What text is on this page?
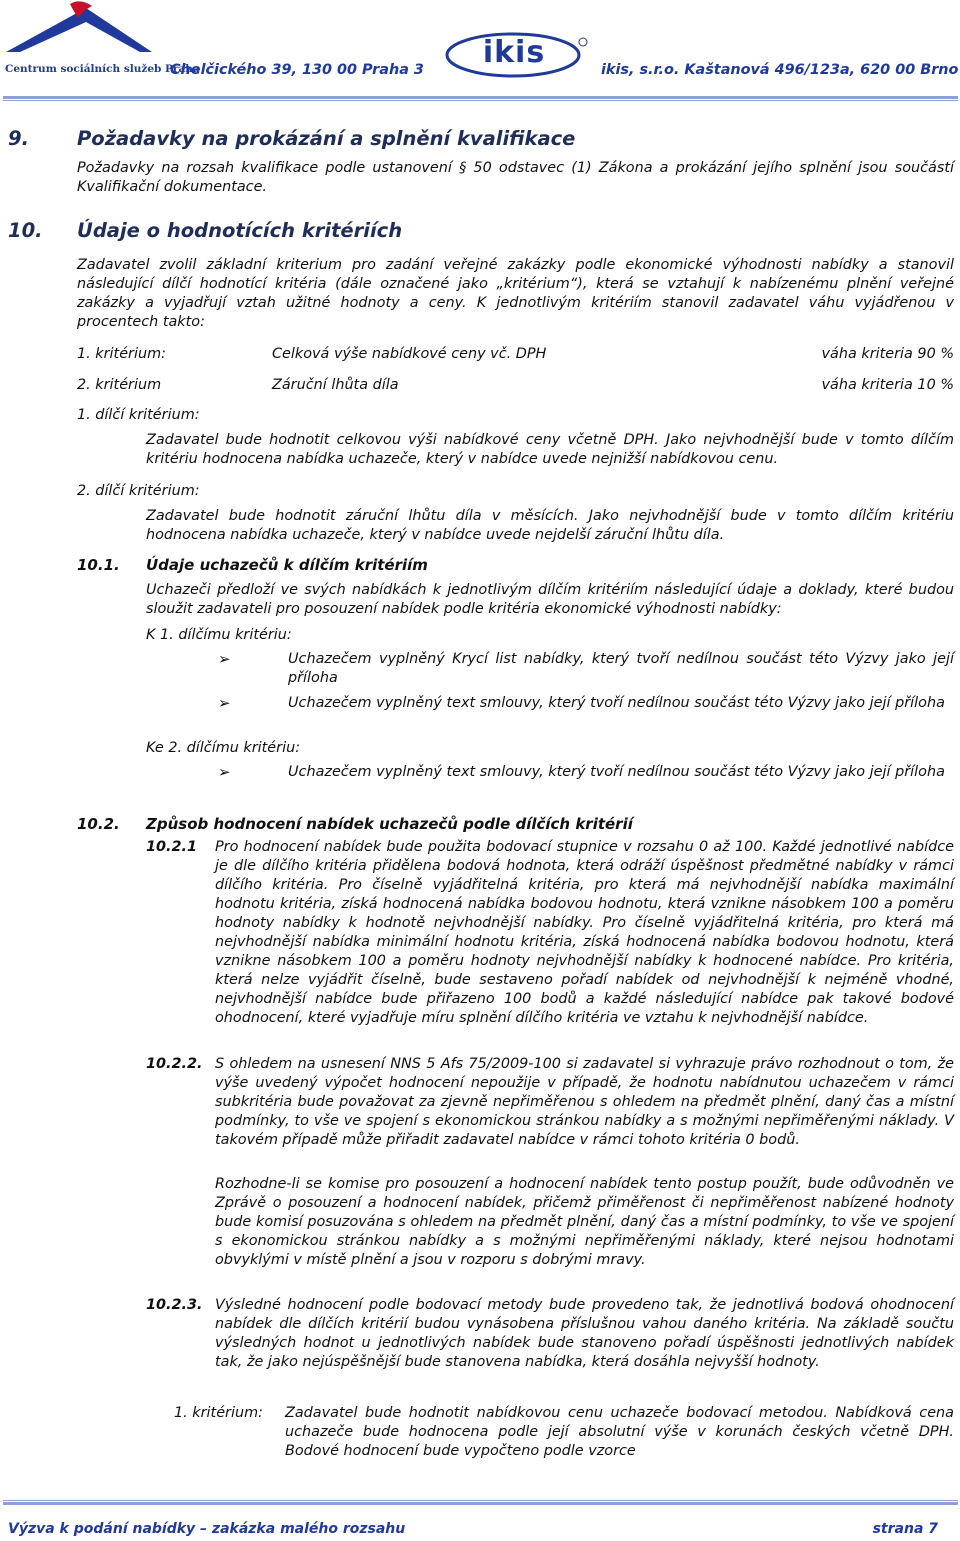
Centrum sociálních služeb Praha
Chelčického 39, 130 00 Praha 3	ikis	ikis, s.r.o. Kaštanová 496/123a, 620 00 Brno
9. Požadavky na prokázání a splnění kvalifikace
Požadavky na rozsah kvalifikace podle ustanovení § 50 odstavec (1) Zákona a prokázání jejího splnění jsou součástí Kvalifikační dokumentace.
10. Údaje o hodnotících kritériích
Zadavatel zvolil základní kriterium pro zadání veřejné zakázky podle ekonomické výhodnosti nabídky a stanovil následující dílčí hodnotící kritéria (dále označené jako „kritérium“), která se vztahují k nabízenému plnění veřejné zakázky a vyjadřují vztah užitné hodnoty a ceny. K jednotlivým kritériím stanovil zadavatel váhu vyjádřenou v procentech takto:
1. kritérium:	Celková výše nabídkové ceny vč. DPH	váha kriteria 90 %
2. kritérium	Záruční lhůta díla	váha kriteria 10 %
1. dílčí kritérium:
Zadavatel bude hodnotit celkovou výši nabídkové ceny včetně DPH. Jako nejvhodnější bude v tomto dílčím kritériu hodnocena nabídka uchazeče, který v nabídce uvede nejnižší nabídkovou cenu.
2. dílčí kritérium:
Zadavatel bude hodnotit záruční lhůtu díla v měsících. Jako nejvhodnější bude v tomto dílčím kritériu hodnocena nabídka uchazeče, který v nabídce uvede nejdelší záruční lhůtu díla.
10.1. Údaje uchazečů k dílčím kritériím
Uchazeči předloží ve svých nabídkách k jednotlivým dílčím kritériím následující údaje a doklady, které budou sloužit zadavateli pro posouzení nabídek podle kritéria ekonomické výhodnosti nabídky:
K 1. dílčímu kritériu:
➢	Uchazečem vyplněný Krycí list nabídky, který tvoří nedílnou součást této Výzvy jako její příloha
➢	Uchazečem vyplněný text smlouvy, který tvoří nedílnou součást této Výzvy jako její příloha
Ke 2. dílčímu kritériu:
➢	Uchazečem vyplněný text smlouvy, který tvoří nedílnou součást této Výzvy jako její příloha
10.2. Způsob hodnocení nabídek uchazečů podle dílčích kritérií
10.2.1 Pro hodnocení nabídek bude použita bodovací stupnice v rozsahu 0 až 100. Každé jednotlivé nabídce je dle dílčího kritéria přidělena bodová hodnota, která odráží úspěšnost předmětné nabídky v rámci dílčího kritéria. Pro číselně vyjádřitelná kritéria, pro která má nejvhodnější nabídka maximální hodnotu kritéria, získá hodnocená nabídka bodovou hodnotu, která vznikne násobkem 100 a poměru hodnoty nabídky k hodnotě nejvhodnější nabídky. Pro číselně vyjádřitelná kritéria, pro která má nejvhodnější nabídka minimální hodnotu kritéria, získá hodnocená nabídka bodovou hodnotu, která vznikne násobkem 100 a poměru hodnoty nejvhodnější nabídky k hodnocené nabídce. Pro kritéria, která nelze vyjádřit číselně, bude sestaveno pořadí nabídek od nejvhodnější k nejméně vhodné, nejvhodnější nabídce bude přiřazeno 100 bodů a každé následující nabídce pak takové bodové ohodnocení, které vyjadřuje míru splnění dílčího kritéria ve vztahu k nejvhodnější nabídce.
10.2.2. S ohledem na usnesení NNS 5 Afs 75/2009-100 si zadavatel si vyhrazuje právo rozhodnout o tom, že výše uvedený výpočet hodnocení nepoužije v případě, že hodnotu nabídnutou uchazečem v rámci subkritéria bude považovat za zjevně nepřiměřenou s ohledem na předmět plnění, daný čas a místní podmínky, to vše ve spojení s ekonomickou stránkou nabídky a s možnými nepřiměřenými náklady. V takovém případě může přiřadit zadavatel nabídce v rámci tohoto kritéria 0 bodů.
Rozhodne-li se komise pro posouzení a hodnocení nabídek tento postup použít, bude odůvodněn ve Zprávě o posouzení a hodnocení nabídek, přičemž přiměřenost či nepřiměřenost nabízené hodnoty bude komisí posuzována s ohledem na předmět plnění, daný čas a místní podmínky, to vše ve spojení s ekonomickou stránkou nabídky a s možnými nepřiměřenými náklady, které nejsou hodnotami obvyklými v místě plnění a jsou v rozporu s dobrými mravy.
10.2.3. Výsledné hodnocení podle bodovací metody bude provedeno tak, že jednotlivá bodová ohodnocení nabídek dle dílčích kritérií budou vynásobena příslušnou vahou daného kritéria. Na základě součtu výsledných hodnot u jednotlivých nabídek bude stanoveno pořadí úspěšnosti jednotlivých nabídek tak, že jako nejúspěšnější bude stanovena nabídka, která dosáhla nejvyšší hodnoty.
1. kritérium: Zadavatel bude hodnotit nabídkovou cenu uchazeče bodovací metodou. Nabídková cena uchazeče bude hodnocena podle její absolutní výše v korunách českých včetně DPH. Bodové hodnocení bude vypočteno podle vzorce
Výzva k podání nabídky – zakázka malého rozsahu	strana 7
